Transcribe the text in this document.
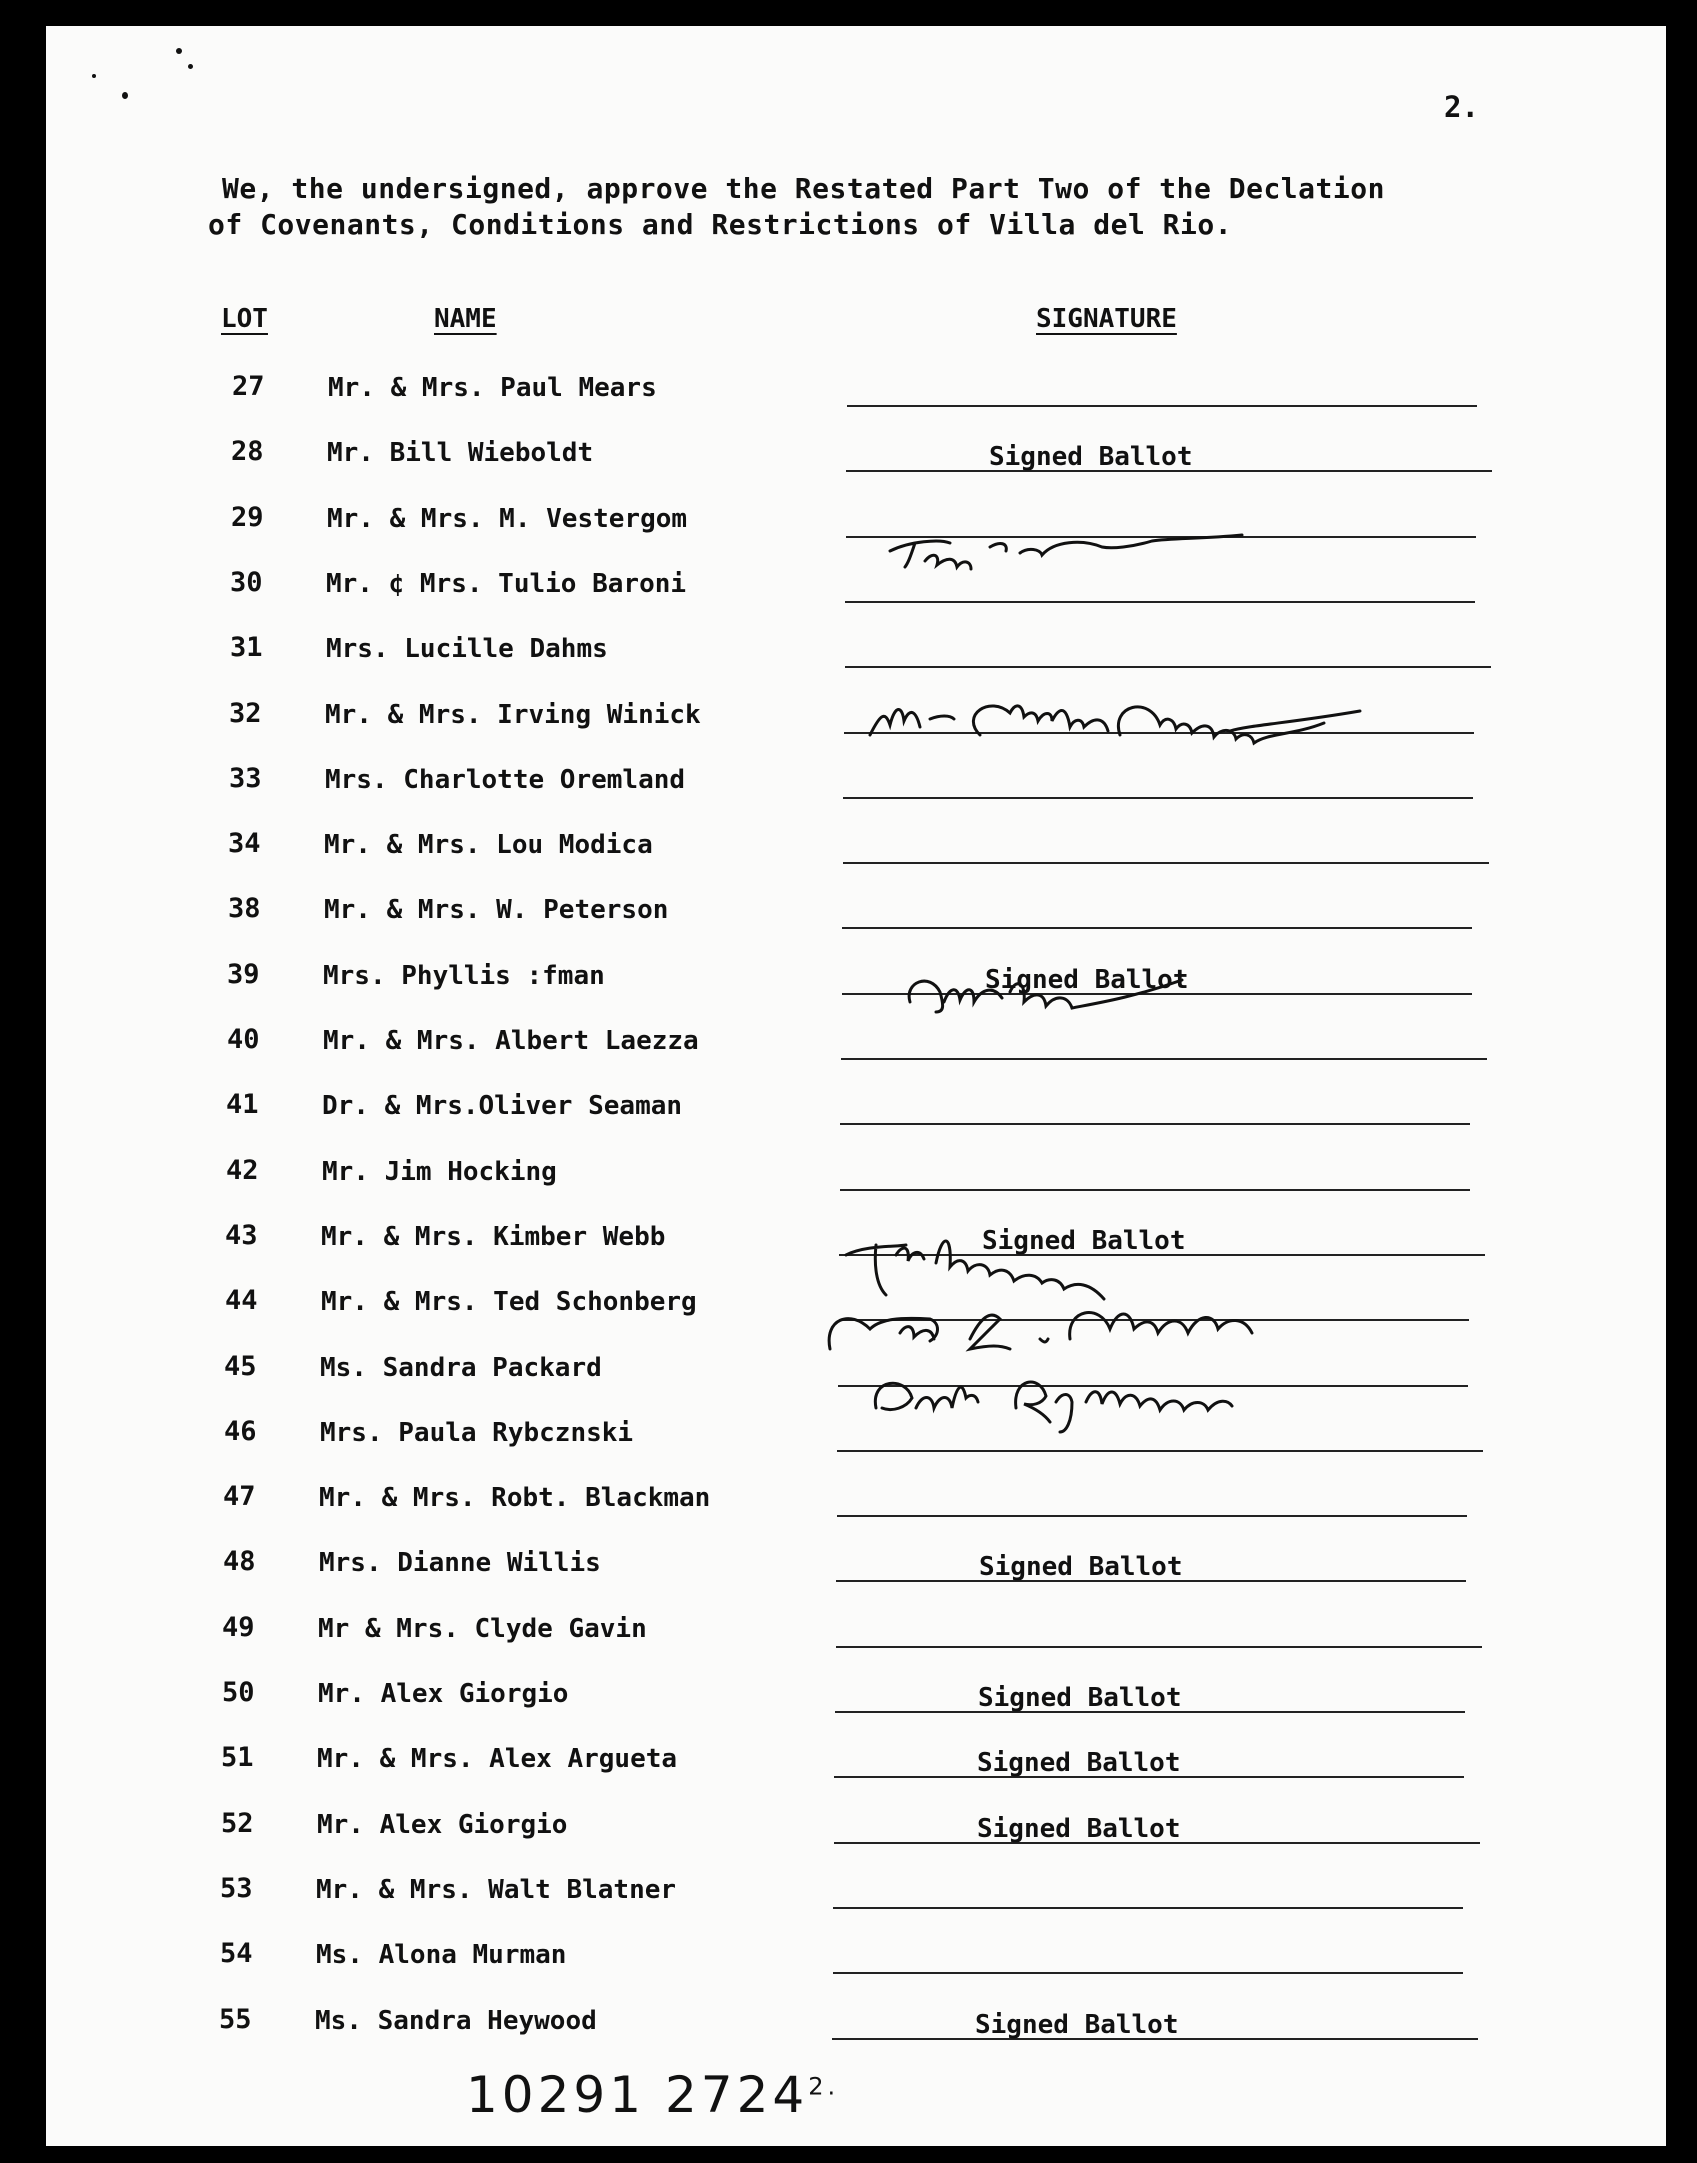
2.
We, the undersigned, approve the Restated Part Two of the Declation
of Covenants, Conditions and Restrictions of Villa del Rio.
LOT	NAME	SIGNATURE
27 Mr. & Mrs. Paul Mears
28 Mr. Bill Wieboldt	Signed Ballot
29 Mr. & Mrs. M. Vestergom
30 Mr. ¢ Mrs. Tulio Baroni
31 Mrs. Lucille Dahms
32 Mr. & Mrs. Irving Winick
33 Mrs. Charlotte Oremland
34 Mr. & Mrs. Lou Modica
38 Mr. & Mrs. W. Peterson
39 Mrs. Phyllis :fman	Signed Ballot
40 Mr. & Mrs. Albert Laezza
41 Dr. & Mrs.Oliver Seaman
42 Mr. Jim Hocking
43 Mr. & Mrs. Kimber Webb	Signed Ballot
44 Mr. & Mrs. Ted Schonberg
45 Ms. Sandra Packard
46 Mrs. Paula Rybcznski
47 Mr. & Mrs. Robt. Blackman
48 Mrs. Dianne Willis	Signed Ballot
49 Mr & Mrs. Clyde Gavin
50 Mr. Alex Giorgio	Signed Ballot
51 Mr. & Mrs. Alex Argueta	Signed Ballot
52 Mr. Alex Giorgio	Signed Ballot
53 Mr. & Mrs. Walt Blatner
54 Ms. Alona Murman
55 Ms. Sandra Heywood	Signed Ballot
10291 $2724^{2.}$
